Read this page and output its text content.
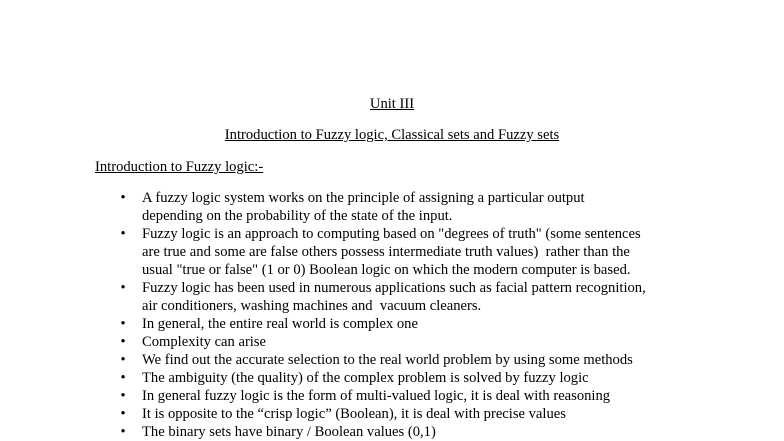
Unit III
Introduction to Fuzzy logic, Classical sets and Fuzzy sets
Introduction to Fuzzy logic:-
• A fuzzy logic system works on the principle of assigning a particular output
depending on the probability of the state of the input.
• Fuzzy logic is an approach to computing based on "degrees of truth" (some sentences
are true and some are false others possess intermediate truth values)  rather than the
usual "true or false" (1 or 0) Boolean logic on which the modern computer is based.
• Fuzzy logic has been used in numerous applications such as facial pattern recognition,
air conditioners, washing machines and  vacuum cleaners.
• In general, the entire real world is complex one
• Complexity can arise
• We find out the accurate selection to the real world problem by using some methods
• The ambiguity (the quality) of the complex problem is solved by fuzzy logic
• In general fuzzy logic is the form of multi-valued logic, it is deal with reasoning
• It is opposite to the “crisp logic” (Boolean), it is deal with precise values
• The binary sets have binary / Boolean values (0,1)
